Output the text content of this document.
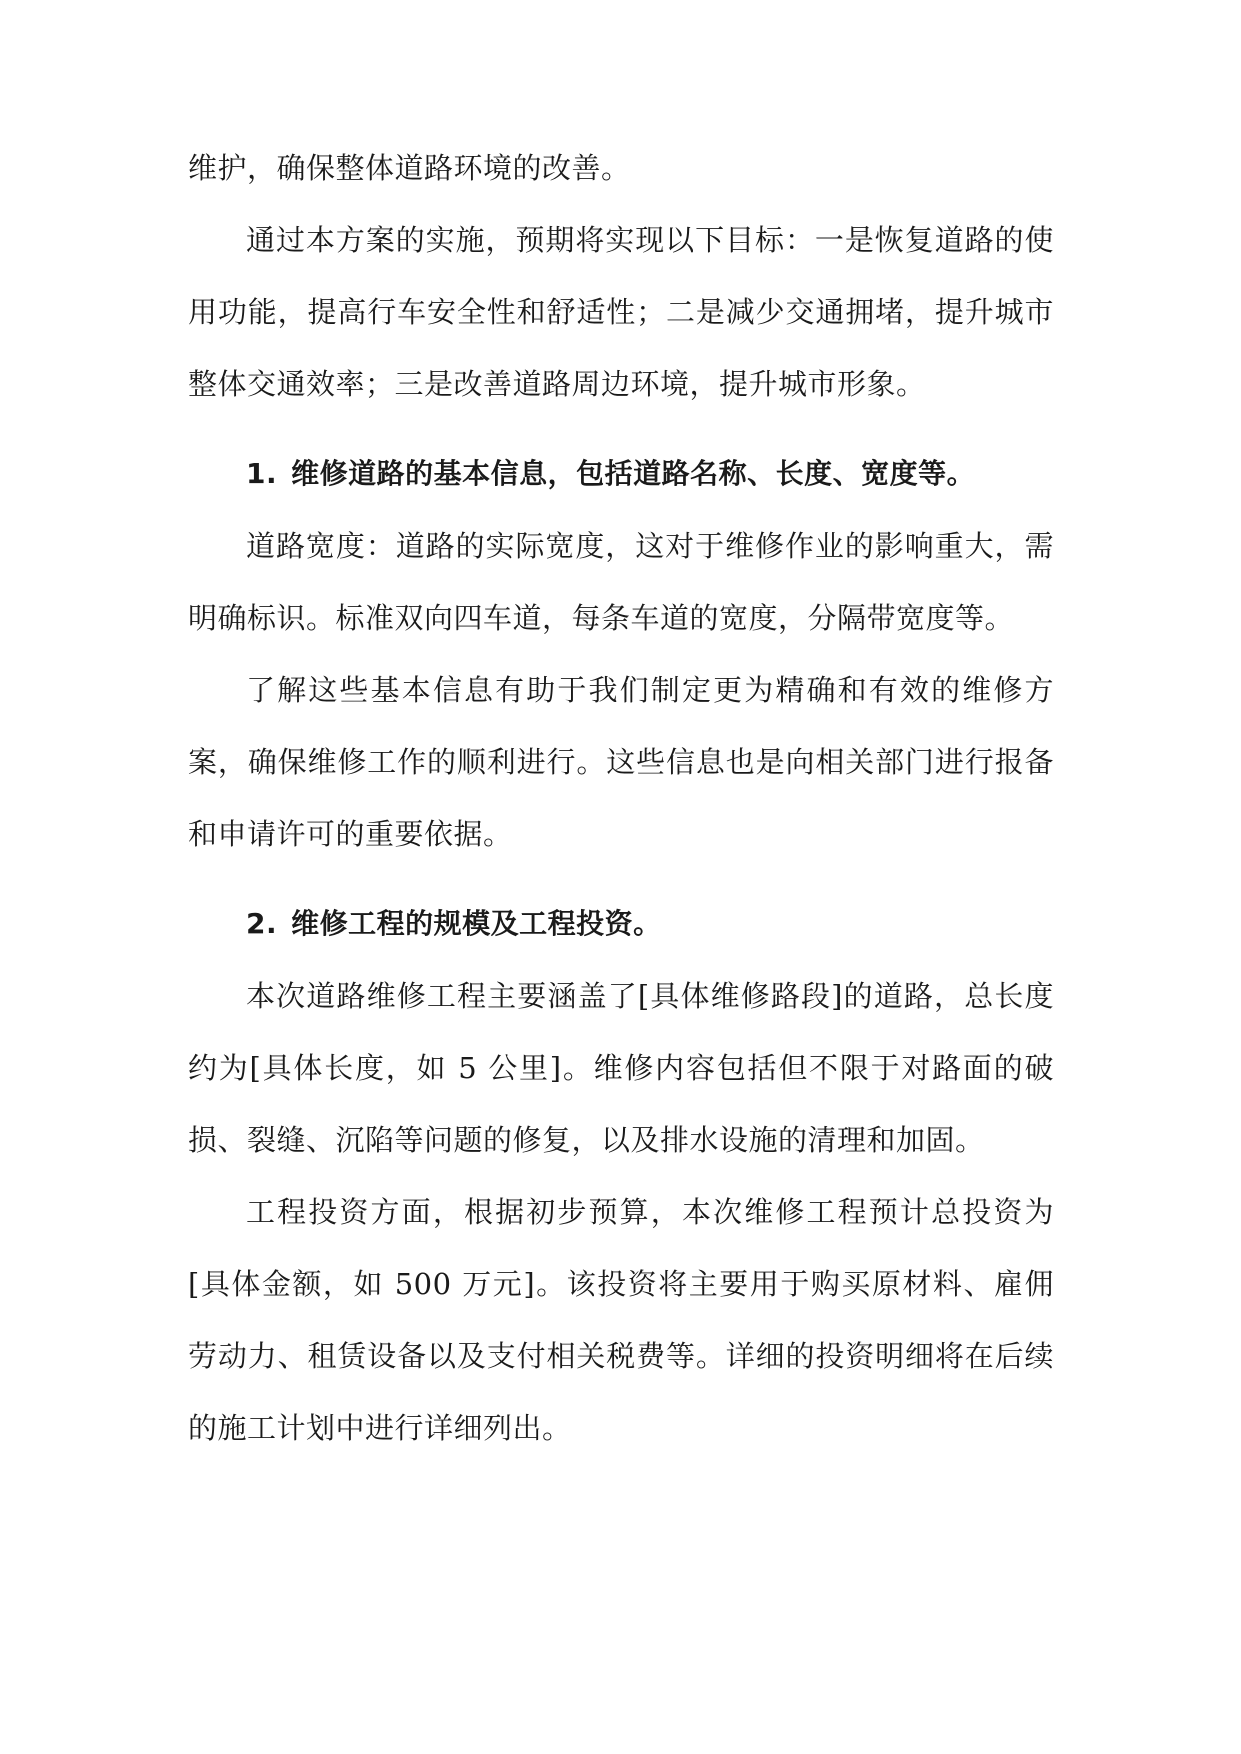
维护，确保整体道路环境的改善。

通过本方案的实施，预期将实现以下目标：一是恢复道路的使用功能，提高行车安全性和舒适性；二是减少交通拥堵，提升城市整体交通效率；三是改善道路周边环境，提升城市形象。

1. 维修道路的基本信息，包括道路名称、长度、宽度等。

道路宽度：道路的实际宽度，这对于维修作业的影响重大，需明确标识。标准双向四车道，每条车道的宽度，分隔带宽度等。

了解这些基本信息有助于我们制定更为精确和有效的维修方案，确保维修工作的顺利进行。这些信息也是向相关部门进行报备和申请许可的重要依据。

2. 维修工程的规模及工程投资。

本次道路维修工程主要涵盖了[具体维修路段]的道路，总长度约为[具体长度，如 5 公里]。维修内容包括但不限于对路面的破损、裂缝、沉陷等问题的修复，以及排水设施的清理和加固。

工程投资方面，根据初步预算，本次维修工程预计总投资为[具体金额，如 500 万元]。该投资将主要用于购买原材料、雇佣劳动力、租赁设备以及支付相关税费等。详细的投资明细将在后续的施工计划中进行详细列出。
